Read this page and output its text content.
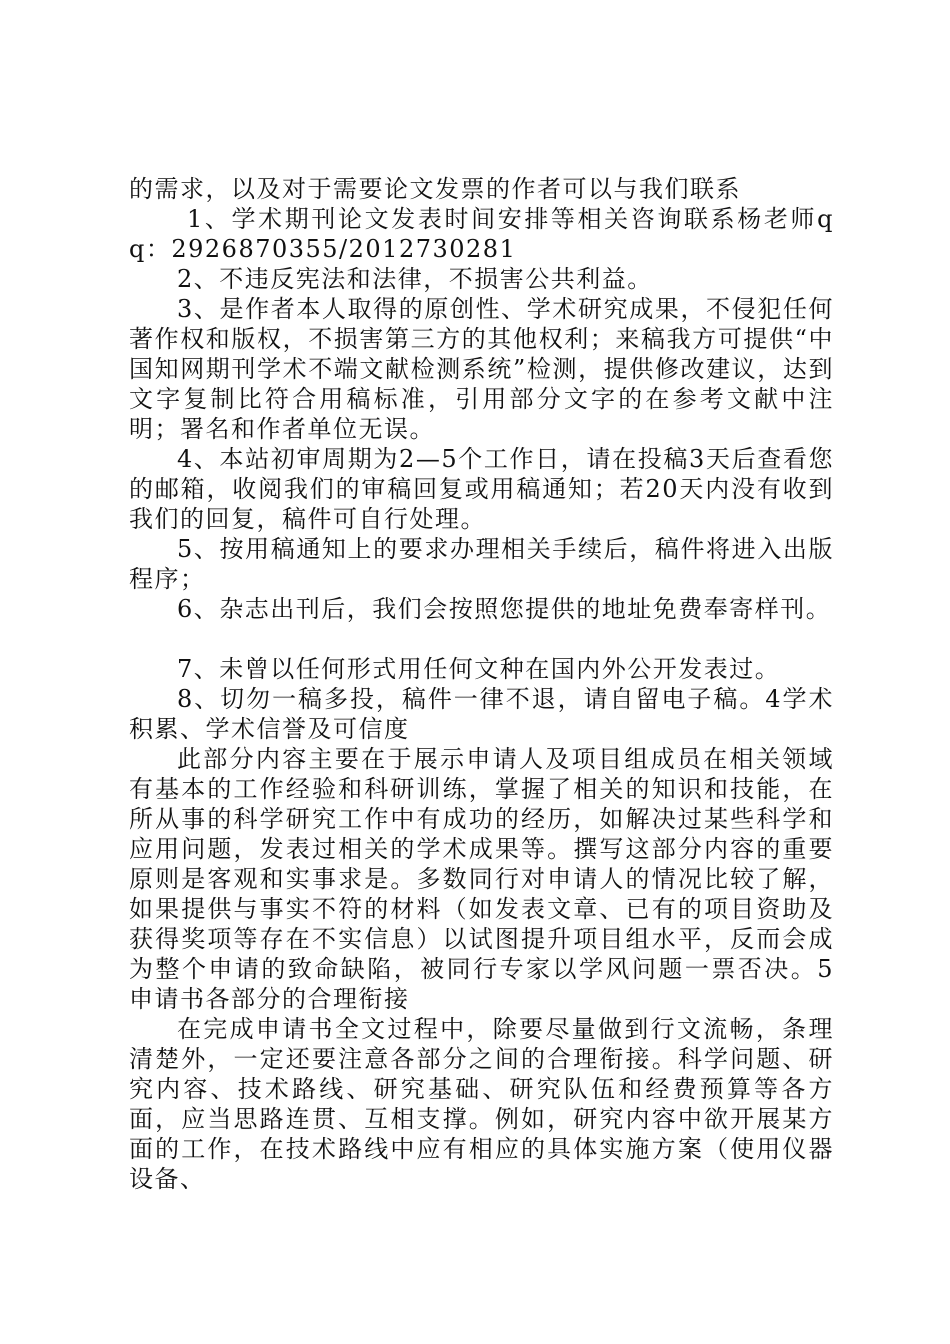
的需求，以及对于需要论文发票的作者可以与我们联系

1、学术期刊论文发表时间安排等相关咨询联系杨老师qq：2926870355/2012730281

2、不违反宪法和法律，不损害公共利益。

3、是作者本人取得的原创性、学术研究成果，不侵犯任何著作权和版权，不损害第三方的其他权利；来稿我方可提供“中国知网期刊学术不端文献检测系统”检测，提供修改建议，达到文字复制比符合用稿标准，引用部分文字的在参考文献中注明；署名和作者单位无误。

4、本站初审周期为2—5个工作日，请在投稿3天后查看您的邮箱，收阅我们的审稿回复或用稿通知；若20天内没有收到我们的回复，稿件可自行处理。

5、按用稿通知上的要求办理相关手续后，稿件将进入出版程序；

6、杂志出刊后，我们会按照您提供的地址免费奉寄样刊。

7、未曾以任何形式用任何文种在国内外公开发表过。

8、切勿一稿多投，稿件一律不退，请自留电子稿。4学术积累、学术信誉及可信度

此部分内容主要在于展示申请人及项目组成员在相关领域有基本的工作经验和科研训练，掌握了相关的知识和技能，在所从事的科学研究工作中有成功的经历，如解决过某些科学和应用问题，发表过相关的学术成果等。撰写这部分内容的重要原则是客观和实事求是。多数同行对申请人的情况比较了解，如果提供与事实不符的材料（如发表文章、已有的项目资助及获得奖项等存在不实信息）以试图提升项目组水平，反而会成为整个申请的致命缺陷，被同行专家以学风问题一票否决。5申请书各部分的合理衔接

在完成申请书全文过程中，除要尽量做到行文流畅，条理清楚外，一定还要注意各部分之间的合理衔接。科学问题、研究内容、技术路线、研究基础、研究队伍和经费预算等各方面，应当思路连贯、互相支撑。例如，研究内容中欲开展某方面的工作，在技术路线中应有相应的具体实施方案（使用仪器设备、
